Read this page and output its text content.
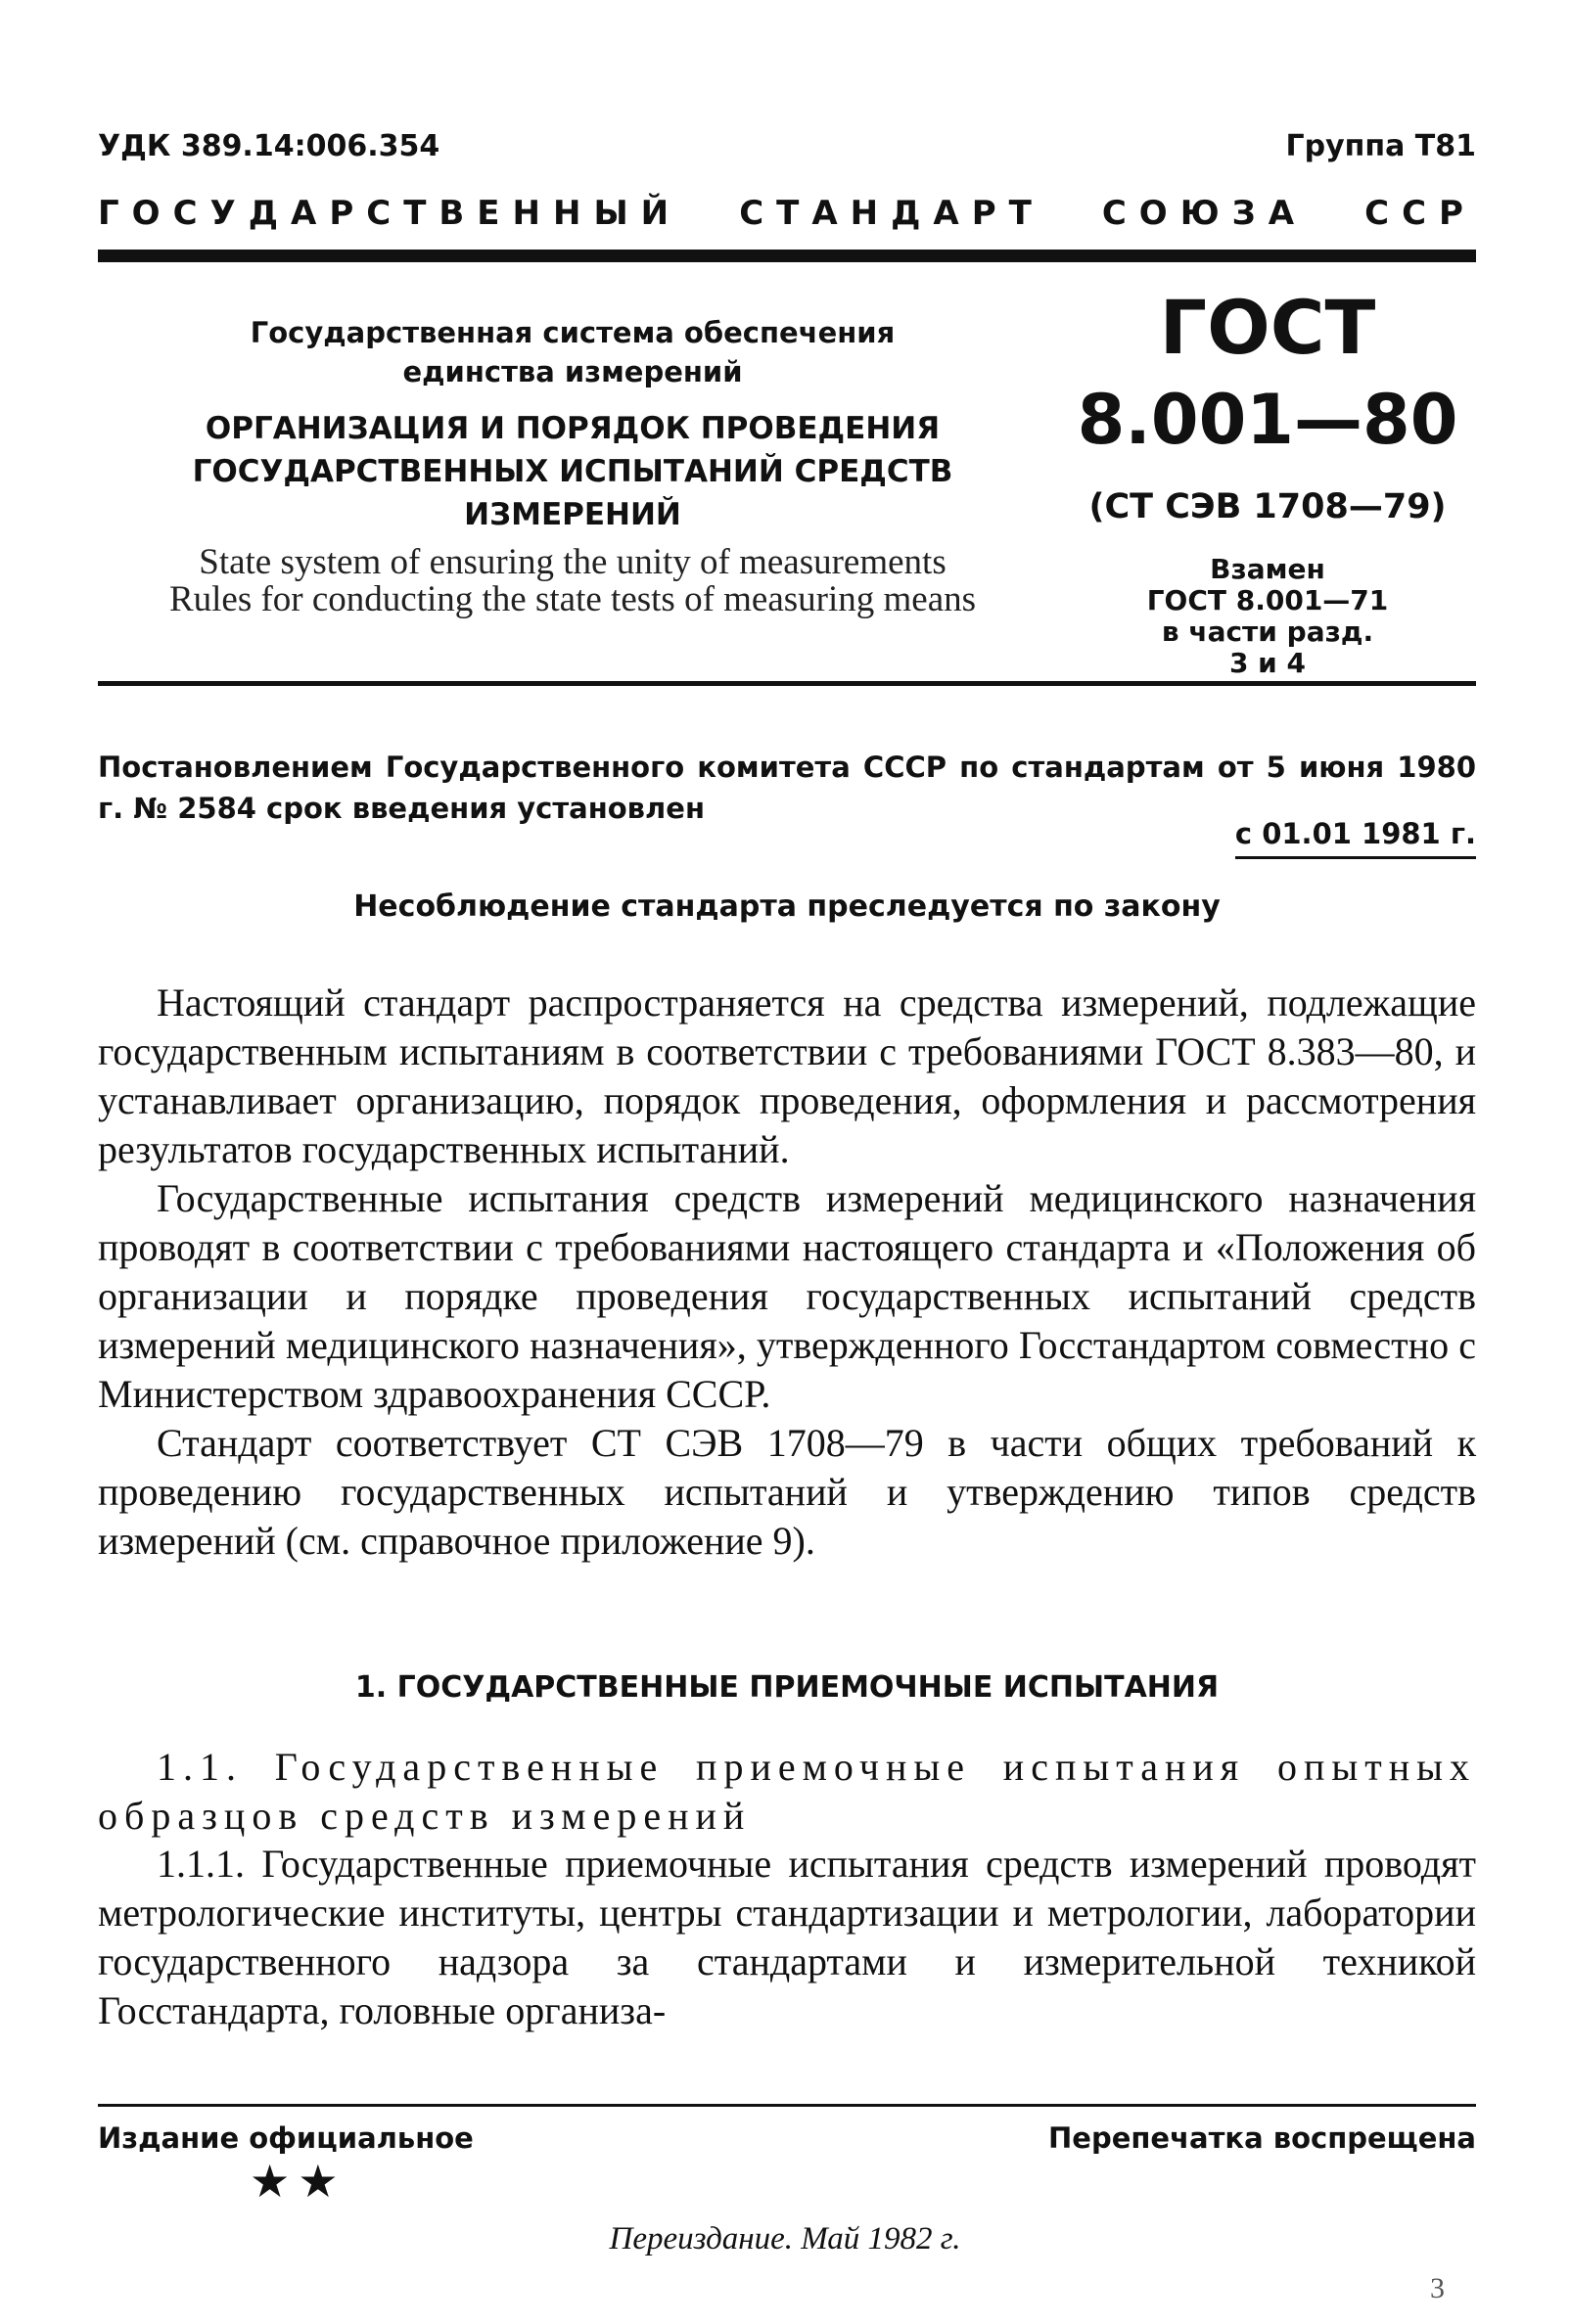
УДК 389.14:006.354	Группа Т81
ГОСУДАРСТВЕННЫЙ СТАНДАРТ СОЮЗА ССР
Государственная система обеспечения
единства измерений
ОРГАНИЗАЦИЯ И ПОРЯДОК ПРОВЕДЕНИЯ
ГОСУДАРСТВЕННЫХ ИСПЫТАНИЙ СРЕДСТВ
ИЗМЕРЕНИЙ
State system of ensuring the unity of measurements
Rules for conducting the state tests of measuring means
ГОСТ
8.001—80
(СТ СЭВ 1708—79)
Взамен
ГОСТ 8.001—71
в части разд.
3 и 4
Постановлением Государственного комитета СССР по стандартам от 5 июня 1980 г. № 2584 срок введения установлен
с 01.01 1981 г.
Несоблюдение стандарта преследуется по закону

Настоящий стандарт распространяется на средства измерений, подлежащие государственным испытаниям в соответствии с требованиями ГОСТ 8.383—80, и устанавливает организацию, порядок проведения, оформления и рассмотрения результатов государственных испытаний.

Государственные испытания средств измерений медицинского назначения проводят в соответствии с требованиями настоящего стандарта и «Положения об организации и порядке проведения государственных испытаний средств измерений медицинского назначения», утвержденного Госстандартом совместно с Министерством здравоохранения СССР.

Стандарт соответствует СТ СЭВ 1708—79 в части общих требований к проведению государственных испытаний и утверждению типов средств измерений (см. справочное приложение 9).

1. ГОСУДАРСТВЕННЫЕ ПРИЕМОЧНЫЕ ИСПЫТАНИЯ
1.1. Государственные приемочные испытания опытных образцов средств измерений

1.1.1. Государственные приемочные испытания средств измерений проводят метрологические институты, центры стандартизации и метрологии, лаборатории государственного надзора за стандартами и измерительной техникой Госстандарта, головные организа-

Издание официальное	Перепечатка воспрещена
★★
Переиздание. Май 1982 г.
3
